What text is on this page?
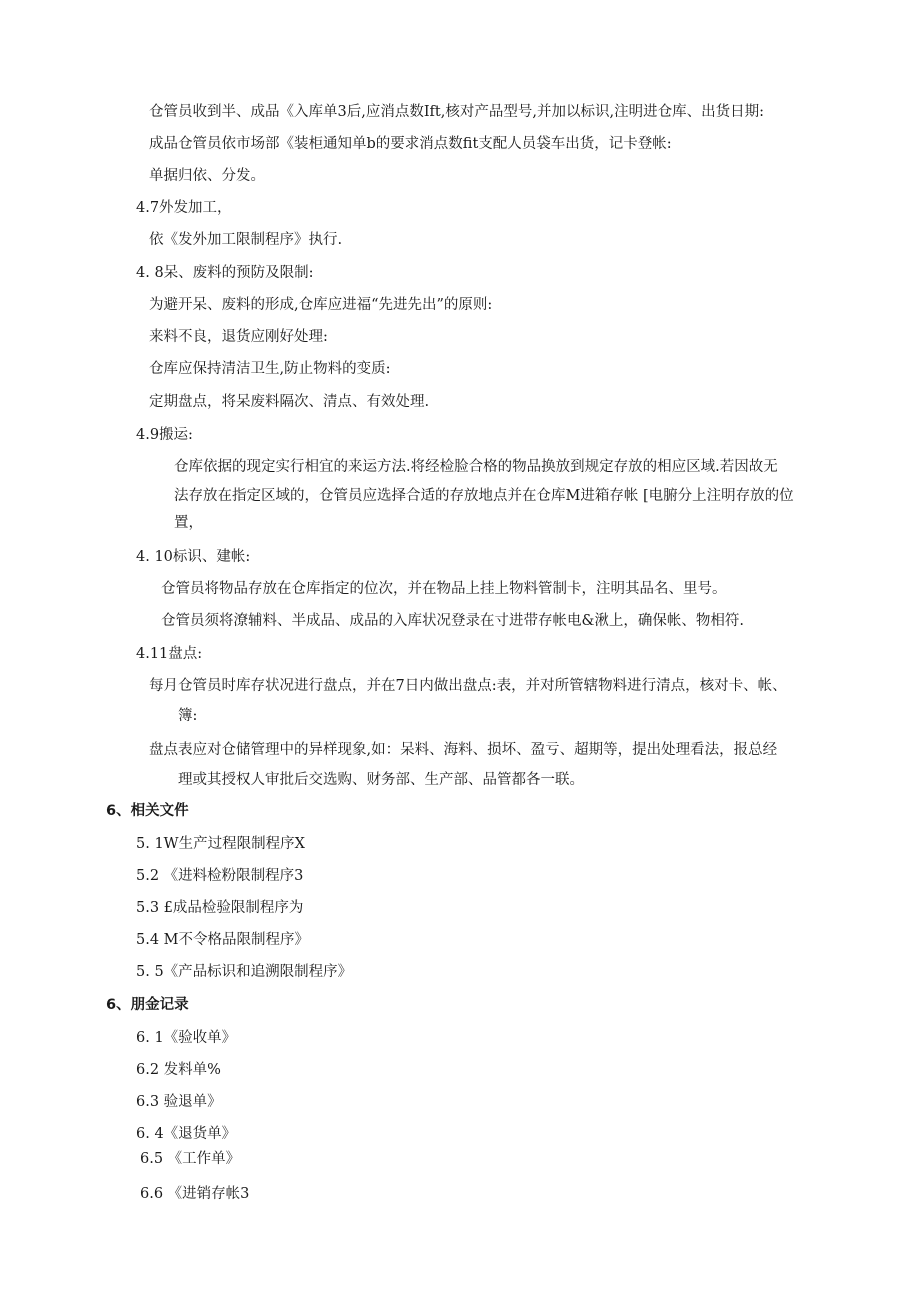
仓管员收到半、成品《入库单3后,应消点数Ift,核对产品型号,并加以标识,注明进仓库、出货日期:
成品仓管员依市场部《装柜通知单b的要求消点数fit支配人员袋车出货，记卡登帐:
单据归依、分发。
4.7外发加工，
依《发外加工限制程序》执行.
4. 8呆、废料的预防及限制:
为避开呆、废料的形成,仓库应进福“先进先出”的原则:
来料不良，退货应刚好处理:
仓库应保持清洁卫生,防止物料的变质:
定期盘点，将呆废料隔次、清点、有效处理.
4.9搬运:
仓库依据的现定实行相宜的来运方法.将经检脸合格的物品换放到规定存放的相应区域.若因故无
法存放在指定区域的，仓管员应选择合适的存放地点并在仓库M进箱存帐 [电腑分上注明存放的位
置，
4. 10标识、建帐:
仓管员将物品存放在仓库指定的位次，并在物品上挂上物料管制卡，注明其品名、里号。
仓管员须将潦辅料、半成品、成品的入库状况登录在寸进带存帐电&湫上，确保帐、物相符.
4.11盘点:
每月仓管员时库存状况进行盘点，并在7日内做出盘点:表，并对所管辖物料进行清点，核对卡、帐、
簿:
盘点表应对仓储管理中的异样现象,如：呆料、海料、损坏、盈亏、超期等，提出处理看法，报总经
理或其授权人审批后交选购、财务部、生产部、品管都各一联。
6、相关文件
5. 1W生产过程限制程序X
5.2 《进料检粉限制程序3
5.3 £成品检验限制程序为
5.4 M不令格品限制程序》
5. 5《产品标识和追溯限制程序》
6、朋金记录
6. 1《验收单》
6.2 发料单%
6.3 验退单》
6. 4《退货单》
6.5 《工作单》
6.6 《进销存帐3
